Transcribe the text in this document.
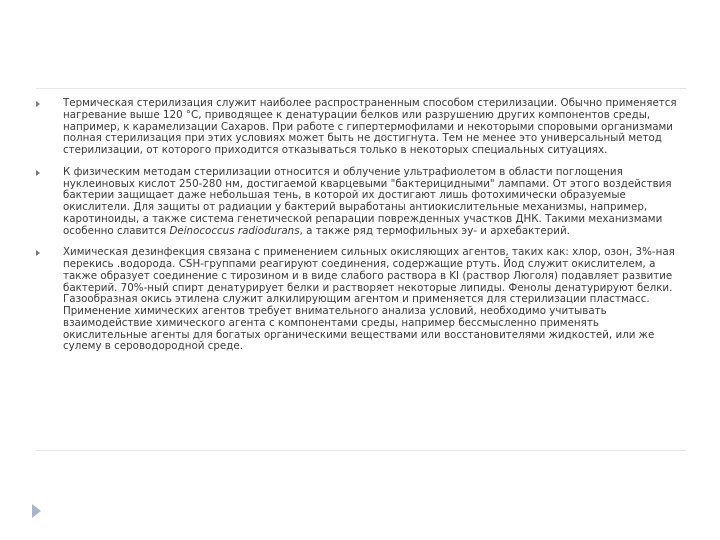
Термическая стерилизация служит наиболее распространенным способом стерилизации. Обычно применяется нагревание выше 120 °C, приводящее к денатурации белков или разрушению других компонентов среды, например, к карамелизации Сахаров. При работе с гипертермофилами и некоторыми споровыми организмами полная стерилизация при этих условиях может быть не достигнута. Тем не менее это универсальный метод стерилизации, от которого приходится отказываться только в некоторых специальных ситуациях.
К физическим методам стерилизации относится и облучение ультрафиолетом в области поглощения нуклеиновых кислот 250-280 нм, достигаемой кварцевыми "бактерицидными" лампами. От этого воздействия бактерии защищает даже небольшая тень, в которой их достигают лишь фотохимически образуемые окислители. Для защиты от радиации у бактерий выработаны антиокислительные механизмы, например, каротиноиды, а также система генетической репарации поврежденных участков ДНК. Такими механизмами особенно славится Deinococcus radiodurans, а также ряд термофильных эу- и архебактерий.
Химическая дезинфекция связана с применением сильных окисляющих агентов, таких как: хлор, озон, 3%-ная перекись .водорода. СSH-группами реагируют соединения, содержащие ртуть. Йод служит окислителем, а также образует соединение с тирозином и в виде слабого раствора в KI (раствор Люголя) подавляет развитие бактерий. 70%-ный спирт денатурирует белки и растворяет некоторые липиды. Фенолы денатурируют белки. Газообразная окись этилена служит алкилирующим агентом и применяется для стерилизации пластмасс. Применение химических агентов требует внимательного анализа условий, необходимо учитывать взаимодействие химического агента с компонентами среды, например бессмысленно применять окислительные агенты для богатых органическими веществами или восстановителями жидкостей, или же сулему в сероводородной среде.
